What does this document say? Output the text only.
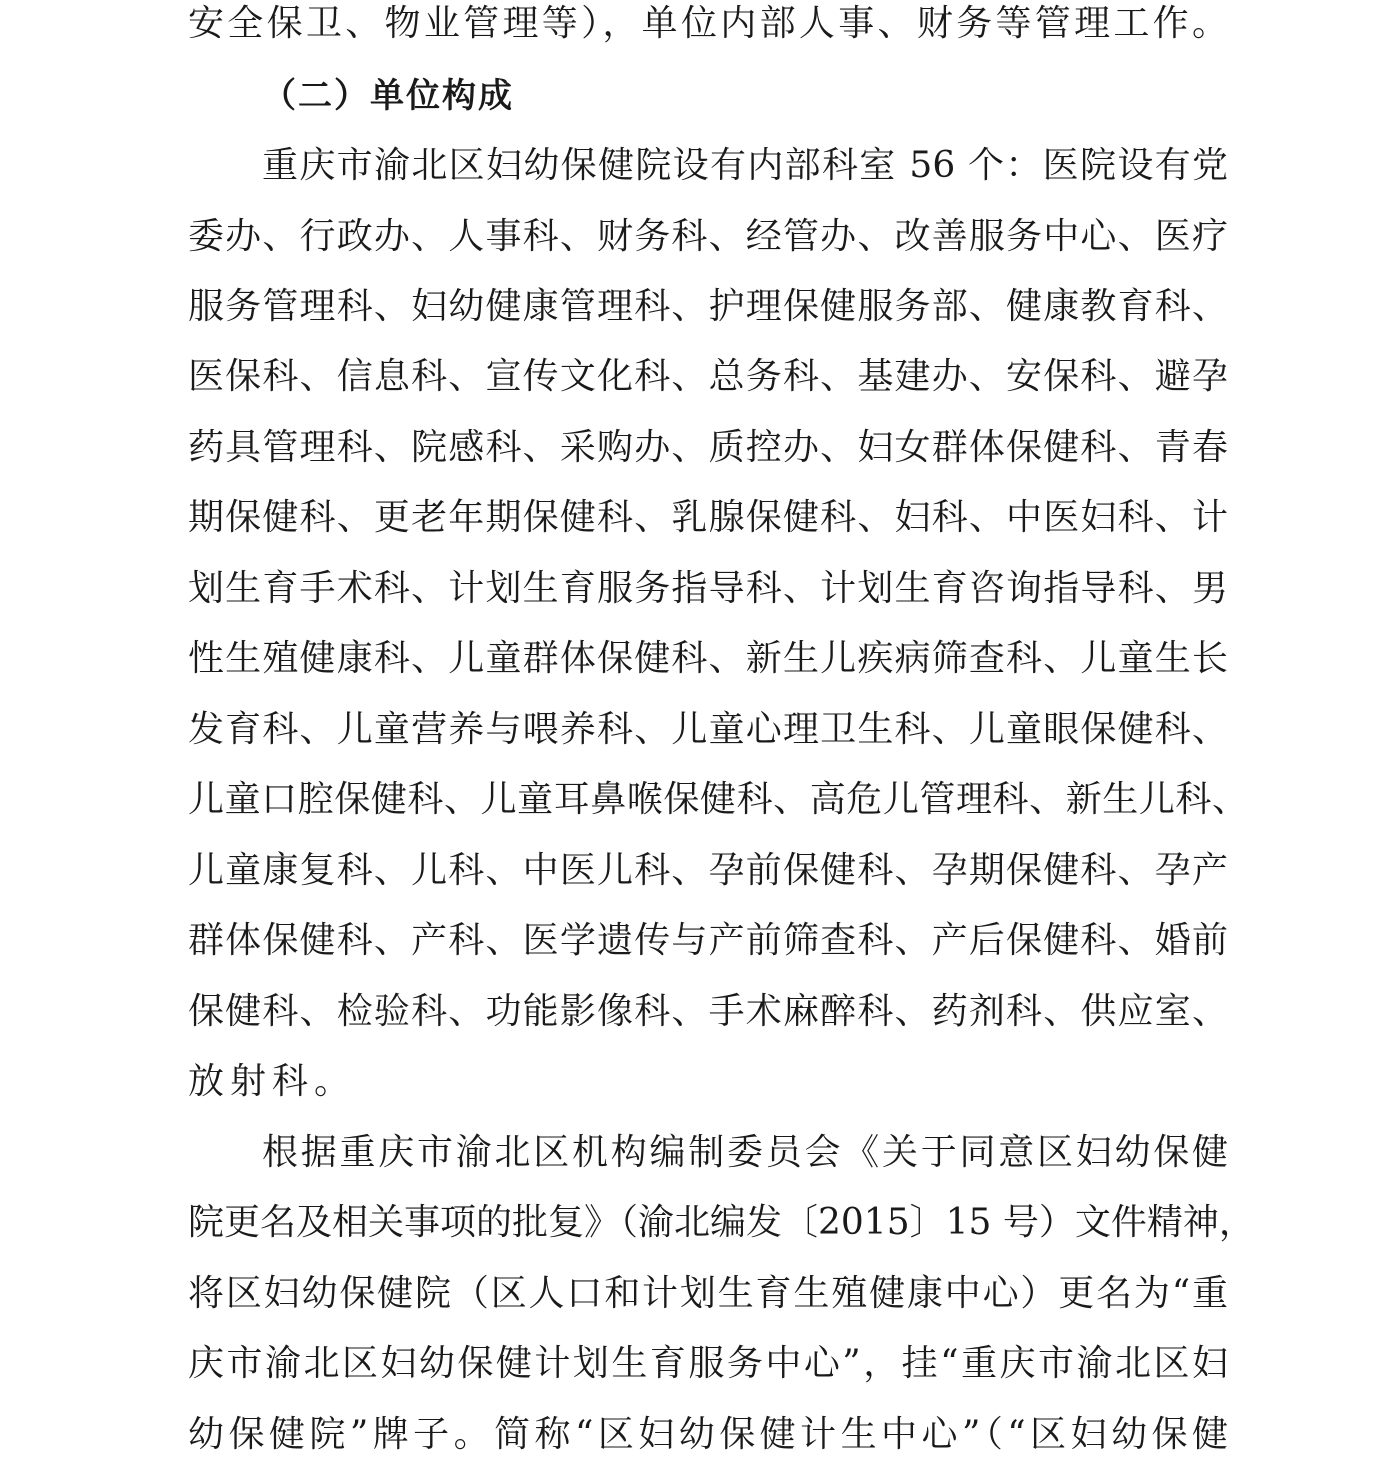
安全保卫、物业管理等），单位内部人事、财务等管理工作。

（二）单位构成

重庆市渝北区妇幼保健院设有内部科室 56 个：医院设有党

委办、行政办、人事科、财务科、经管办、改善服务中心、医疗

服务管理科、妇幼健康管理科、护理保健服务部、健康教育科、

医保科、信息科、宣传文化科、总务科、基建办、安保科、避孕

药具管理科、院感科、采购办、质控办、妇女群体保健科、青春

期保健科、更老年期保健科、乳腺保健科、妇科、中医妇科、计

划生育手术科、计划生育服务指导科、计划生育咨询指导科、男

性生殖健康科、儿童群体保健科、新生儿疾病筛查科、儿童生长

发育科、儿童营养与喂养科、儿童心理卫生科、儿童眼保健科、

儿童口腔保健科、儿童耳鼻喉保健科、高危儿管理科、新生儿科、

儿童康复科、儿科、中医儿科、孕前保健科、孕期保健科、孕产

群体保健科、产科、医学遗传与产前筛查科、产后保健科、婚前

保健科、检验科、功能影像科、手术麻醉科、药剂科、供应室、

放射科。

根据重庆市渝北区机构编制委员会《关于同意区妇幼保健

院更名及相关事项的批复》（渝北编发〔2015〕15 号）文件精神，

将区妇幼保健院（区人口和计划生育生殖健康中心）更名为“重

庆市渝北区妇幼保健计划生育服务中心”，挂“重庆市渝北区妇

幼保健院”牌子。简称“区妇幼保健计生中心”（“区妇幼保健
